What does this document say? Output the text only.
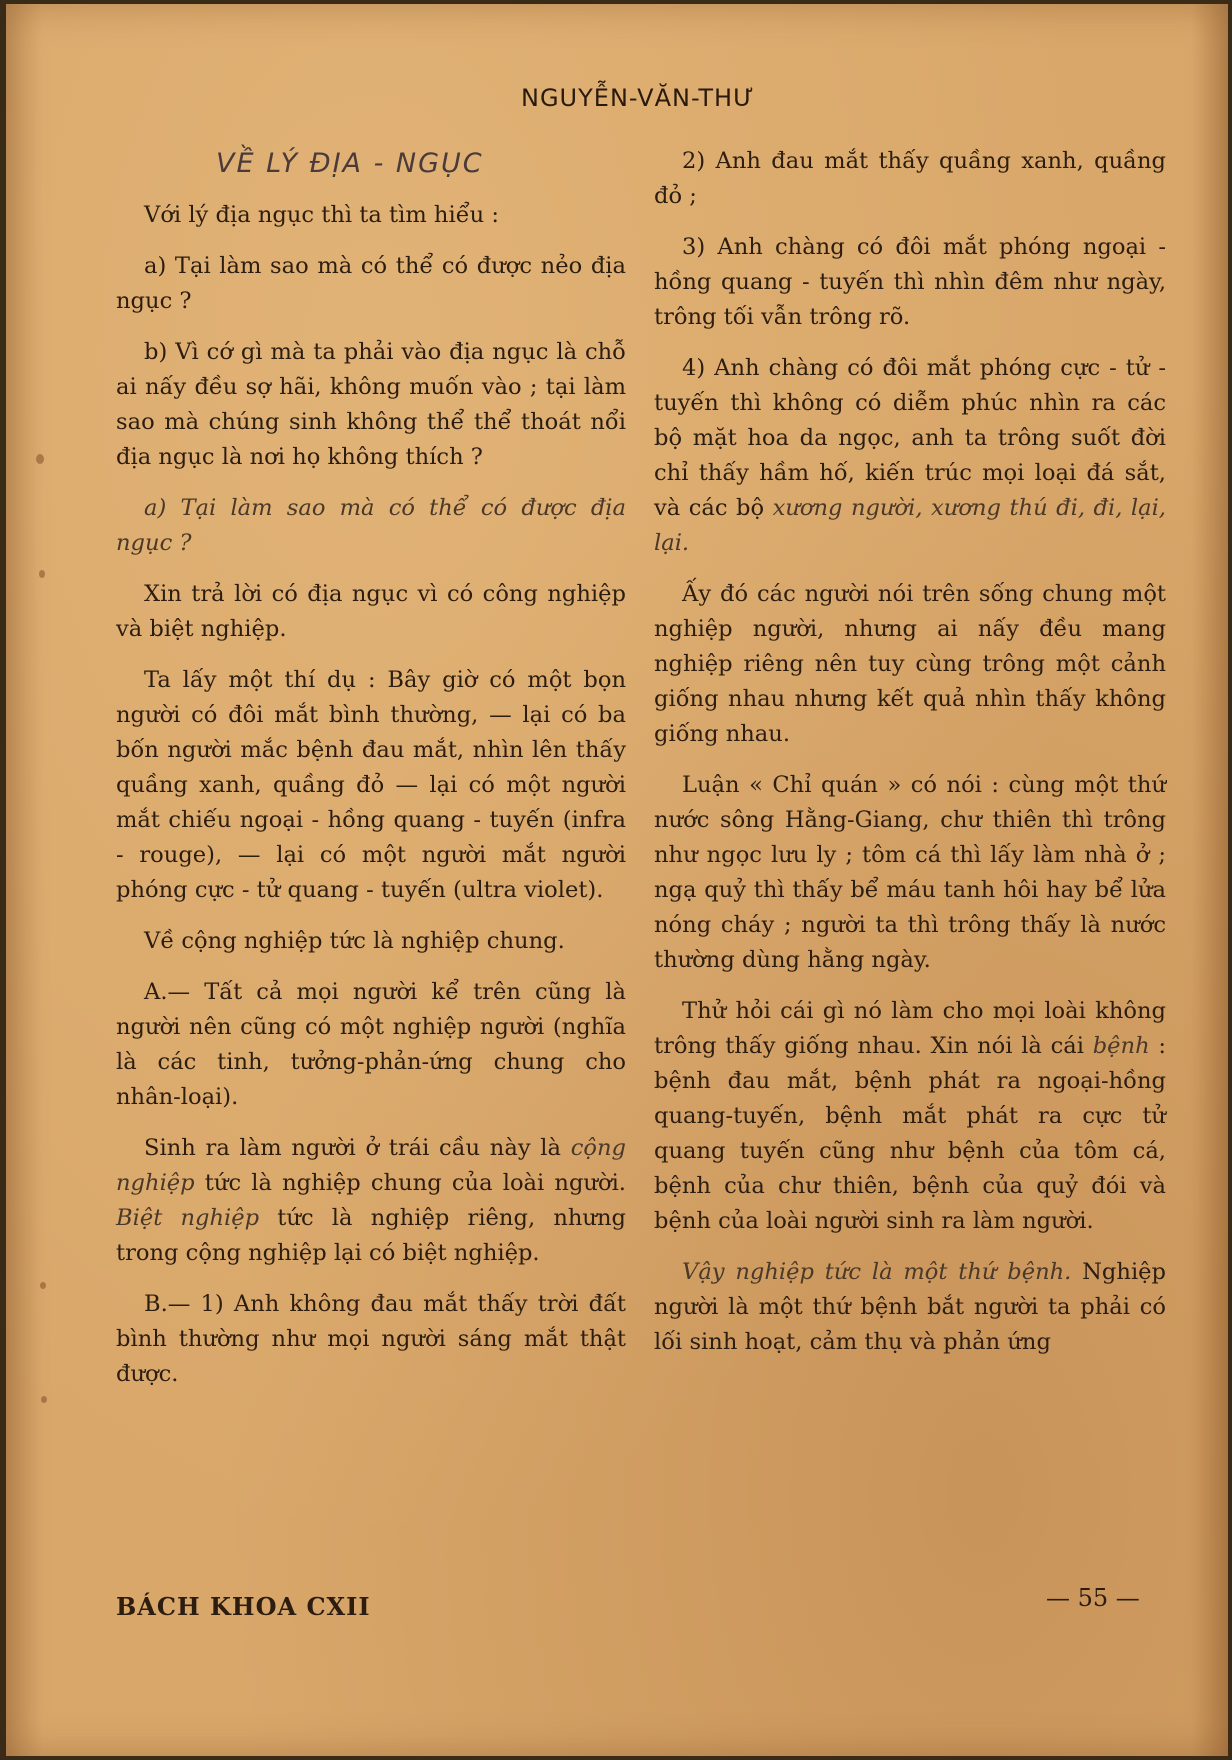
NGUYỄN-VĂN-THƯ
VỀ LÝ ĐỊA - NGỤC

Với lý địa ngục thì ta tìm hiểu :

a) Tại làm sao mà có thể có được nẻo địa ngục ?

b) Vì cớ gì mà ta phải vào địa ngục là chỗ ai nấy đều sợ hãi, không muốn vào ; tại làm sao mà chúng sinh không thể thể thoát nổi địa ngục là nơi họ không thích ?

a) Tại làm sao mà có thể có được địa ngục ?

Xin trả lời có địa ngục vì có công nghiệp và biệt nghiệp.

Ta lấy một thí dụ : Bây giờ có một bọn người có đôi mắt bình thường, — lại có ba bốn người mắc bệnh đau mắt, nhìn lên thấy quầng xanh, quầng đỏ — lại có một người mắt chiếu ngoại - hồng quang - tuyến (infra - rouge), — lại có một người mắt người phóng cực - tử quang - tuyến (ultra violet).

Về cộng nghiệp tức là nghiệp chung.

A.— Tất cả mọi người kể trên cũng là người nên cũng có một nghiệp người (nghĩa là các tinh, tưởng-phản-ứng chung cho nhân-loại).

Sinh ra làm người ở trái cầu này là cộng nghiệp tức là nghiệp chung của loài người. Biệt nghiệp tức là nghiệp riêng, nhưng trong cộng nghiệp lại có biệt nghiệp.

B.— 1) Anh không đau mắt thấy trời đất bình thường như mọi người sáng mắt thật được.

2) Anh đau mắt thấy quầng xanh, quầng đỏ ;

3) Anh chàng có đôi mắt phóng ngoại - hồng quang - tuyến thì nhìn đêm như ngày, trông tối vẫn trông rõ.

4) Anh chàng có đôi mắt phóng cực - tử - tuyến thì không có diễm phúc nhìn ra các bộ mặt hoa da ngọc, anh ta trông suốt đời chỉ thấy hầm hố, kiến trúc mọi loại đá sắt, và các bộ xương người, xương thú đi, đi, lại, lại.

Ấy đó các người nói trên sống chung một nghiệp người, nhưng ai nấy đều mang nghiệp riêng nên tuy cùng trông một cảnh giống nhau nhưng kết quả nhìn thấy không giống nhau.

Luận « Chỉ quán » có nói : cùng một thứ nước sông Hằng-Giang, chư thiên thì trông như ngọc lưu ly ; tôm cá thì lấy làm nhà ở ; ngạ quỷ thì thấy bể máu tanh hôi hay bể lửa nóng cháy ; người ta thì trông thấy là nước thường dùng hằng ngày.

Thử hỏi cái gì nó làm cho mọi loài không trông thấy giống nhau. Xin nói là cái bệnh : bệnh đau mắt, bệnh phát ra ngoại-hồng quang-tuyến, bệnh mắt phát ra cực tử quang tuyến cũng như bệnh của tôm cá, bệnh của chư thiên, bệnh của quỷ đói và bệnh của loài người sinh ra làm người.

Vậy nghiệp tức là một thứ bệnh. Nghiệp người là một thứ bệnh bắt người ta phải có lối sinh hoạt, cảm thụ và phản ứng

BÁCH KHOA CXII	— 55 —
